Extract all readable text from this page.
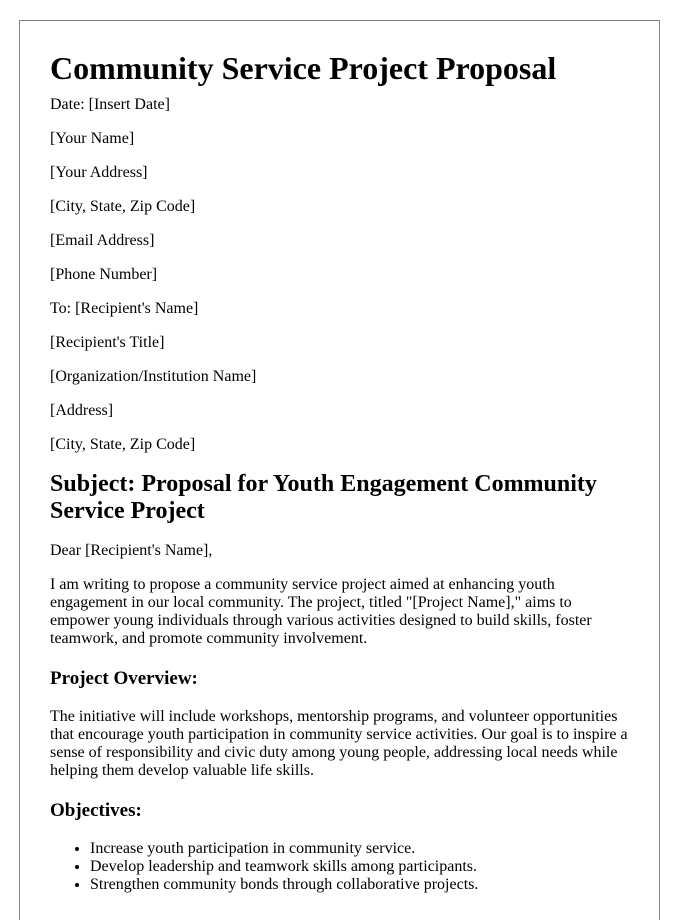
Community Service Project Proposal
Date: [Insert Date]
[Your Name]
[Your Address]
[City, State, Zip Code]
[Email Address]
[Phone Number]
To: [Recipient's Name]
[Recipient's Title]
[Organization/Institution Name]
[Address]
[City, State, Zip Code]
Subject: Proposal for Youth Engagement Community Service Project

Dear [Recipient's Name],

I am writing to propose a community service project aimed at enhancing youth engagement in our local community. The project, titled "[Project Name]," aims to empower young individuals through various activities designed to build skills, foster teamwork, and promote community involvement.

Project Overview:

The initiative will include workshops, mentorship programs, and volunteer opportunities that encourage youth participation in community service activities. Our goal is to inspire a sense of responsibility and civic duty among young people, addressing local needs while helping them develop valuable life skills.

Objectives:
• Increase youth participation in community service.
• Develop leadership and teamwork skills among participants.
• Strengthen community bonds through collaborative projects.
